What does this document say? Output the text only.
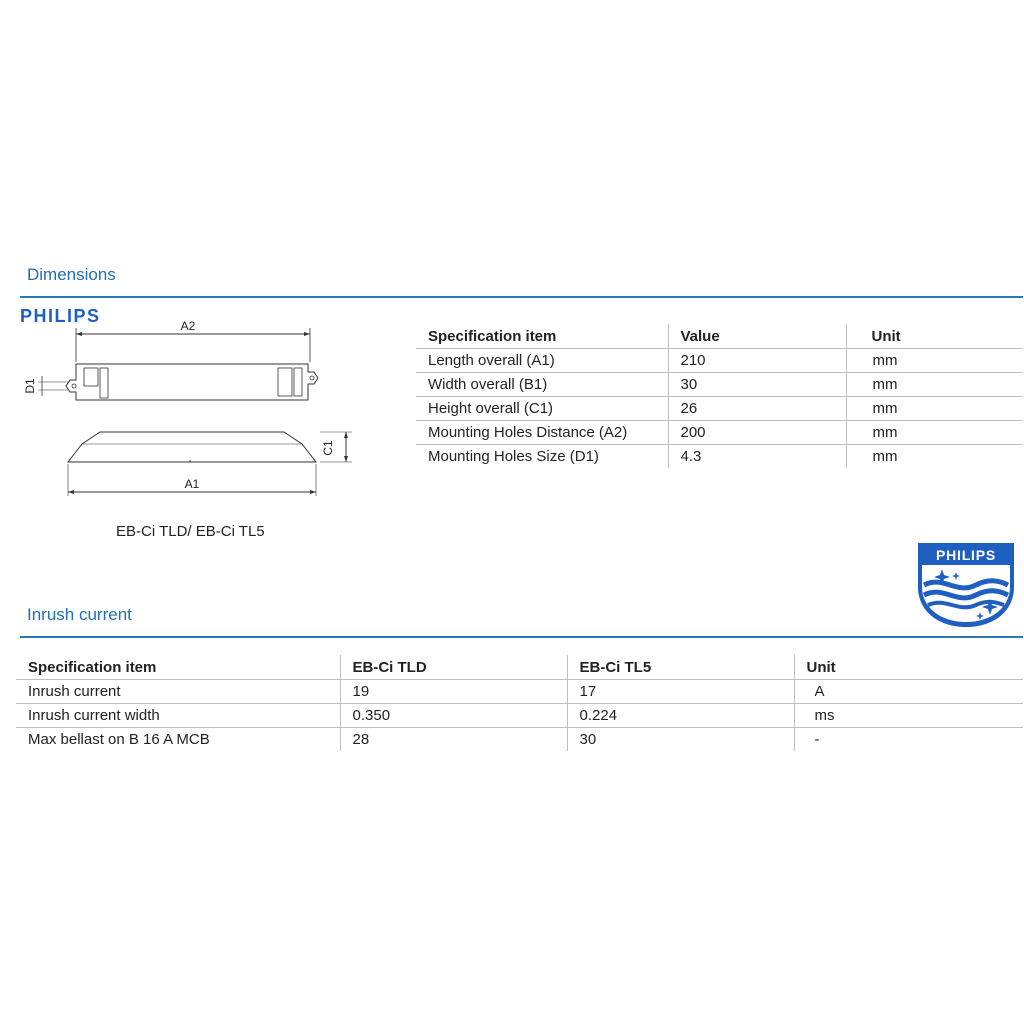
Dimensions
PHILIPS	A2
D1
C1
A1
EB-Ci TLD/ EB-Ci TL5
Specification item	Value	Unit
Length overall (A1)	210	mm
Width overall (B1)	30	mm
Height overall (C1)	26	mm
Mounting Holes Distance (A2)	200	mm
Mounting Holes Size (D1)	4.3	mm
PHILIPS
Inrush current
Specification item	EB-Ci TLD	EB-Ci TL5	Unit
Inrush current	19	17	A
Inrush current width	0.350	0.224	ms
Max bellast on B 16 A MCB	28	30	-
